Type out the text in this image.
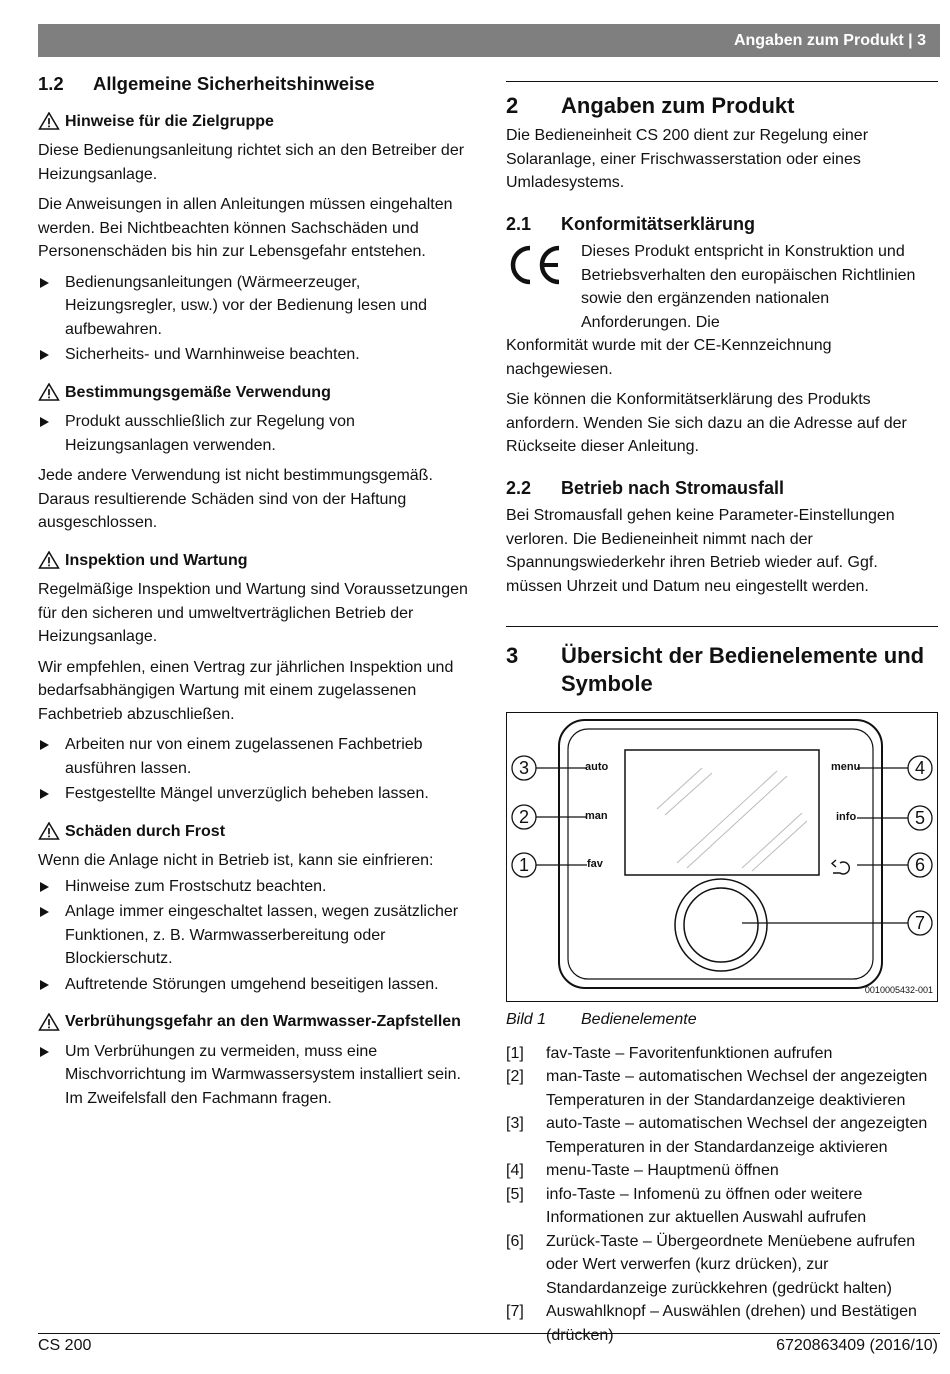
Angaben zum Produkt | 3
1.2	Allgemeine Sicherheitshinweise
Hinweise für die Zielgruppe

Diese Bedienungsanleitung richtet sich an den Betreiber der Heizungsanlage.

Die Anweisungen in allen Anleitungen müssen eingehalten werden. Bei Nichtbeachten können Sachschäden und Personenschäden bis hin zur Lebensgefahr entstehen.

Bedienungsanleitungen (Wärmeerzeuger, Heizungsregler, usw.) vor der Bedienung lesen und aufbewahren.
Sicherheits- und Warnhinweise beachten.
Bestimmungsgemäße Verwendung
Produkt ausschließlich zur Regelung von Heizungsanlagen verwenden.

Jede andere Verwendung ist nicht bestimmungsgemäß. Daraus resultierende Schäden sind von der Haftung ausgeschlossen.

Inspektion und Wartung

Regelmäßige Inspektion und Wartung sind Voraussetzungen für den sicheren und umweltverträglichen Betrieb der Heizungsanlage.

Wir empfehlen, einen Vertrag zur jährlichen Inspektion und bedarfsabhängigen Wartung mit einem zugelassenen Fachbetrieb abzuschließen.

Arbeiten nur von einem zugelassenen Fachbetrieb ausführen lassen.
Festgestellte Mängel unverzüglich beheben lassen.
Schäden durch Frost

Wenn die Anlage nicht in Betrieb ist, kann sie einfrieren:

Hinweise zum Frostschutz beachten.
Anlage immer eingeschaltet lassen, wegen zusätzlicher Funktionen, z. B. Warmwasserbereitung oder Blockierschutz.
Auftretende Störungen umgehend beseitigen lassen.
Verbrühungsgefahr an den Warmwasser-Zapfstellen
Um Verbrühungen zu vermeiden, muss eine Mischvorrichtung im Warmwassersystem installiert sein. Im Zweifelsfall den Fachmann fragen.
2	Angaben zum Produkt

Die Bedieneinheit CS 200 dient zur Regelung einer Solaranlage, einer Frischwasserstation oder eines Umladesystems.

2.1	Konformitätserklärung

Dieses Produkt entspricht in Konstruktion und Betriebsverhalten den europäischen Richtlinien sowie den ergänzenden nationalen Anforderungen. Die

Konformität wurde mit der CE-Kennzeichnung nachgewiesen.

Sie können die Konformitätserklärung des Produkts anfordern. Wenden Sie sich dazu an die Adresse auf der Rückseite dieser Anleitung.

2.2	Betrieb nach Stromausfall

Bei Stromausfall gehen keine Parameter-Einstellungen verloren. Die Bedieneinheit nimmt nach der Spannungswiederkehr ihren Betrieb wieder auf. Ggf. müssen Uhrzeit und Datum neu eingestellt werden.

3	Übersicht der Bedienelemente und Symbole
3
2
1
4
5
6
7
auto
man
fav
menu
info
0010005432-001
Bild 1	Bedienelemente
[1]	fav-Taste – Favoritenfunktionen aufrufen
[2]	man-Taste – automatischen Wechsel der angezeigten Temperaturen in der Standardanzeige deaktivieren
[3]	auto-Taste – automatischen Wechsel der angezeigten Temperaturen in der Standardanzeige aktivieren
[4]	menu-Taste – Hauptmenü öffnen
[5]	info-Taste – Infomenü zu öffnen oder weitere Informationen zur aktuellen Auswahl aufrufen
[6]	Zurück-Taste – Übergeordnete Menüebene aufrufen oder Wert verwerfen (kurz drücken), zur Standardanzeige zurückkehren (gedrückt halten)
[7]	Auswahlknopf – Auswählen (drehen) und Bestätigen (drücken)
CS 200	6720863409 (2016/10)
